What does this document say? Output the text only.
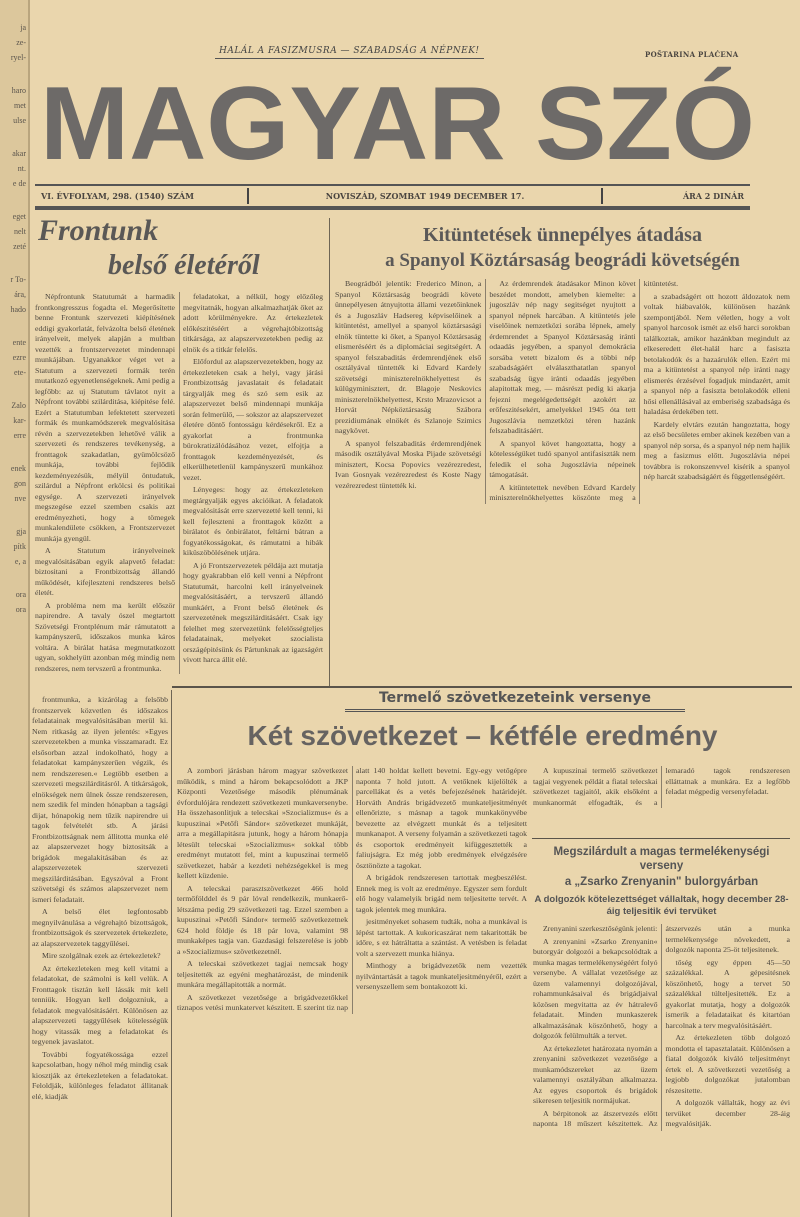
ja
ze-
ryel-
haro
met
ulse
akar
nt.
e de
eget
nelt
zeté
r To-
ára,
hado
ente
ezre
ete-
Zalo
kar-
erre
enek
gon
nve
gja
pítk
e, a
ora
ora
MAGYAR SZÓ
HALÁL A FASIZMUSRA — SZABADSÁG A NÉPNEK!	POŠTARINA PLAĆENA
VI. ÉVFOLYAM, 298. (1540) SZÁM	NOVISZÁD, SZOMBAT 1949 DECEMBER 17.	ÁRA 2 DINÁR
Frontunk
belső életéről

Népfrontunk Statutumát a harmadik frontkongresszus fogadta el. Megerősítette benne Frontunk szervezeti kiépítésének eddigi gyakorlatát, felvázolta belső életének irányelveit, melyek alapján a multban vezették a frontszervezetet mindennapi munkájában. Ugyanakkor véget vet a Statutum a szervezeti formák terén mutatkozó egyenetlenségeknek. Ami pedig a legfőbb: az uj Statutum távlatot nyit a Népfront további szilárditása, kiépitése felé. Ezért a Statutumban lefektetett szervezeti formák és munkamódszerek megvalósitása révén a szervezetekben lehetővé válik a szervezeti és rendszeres tevékenység, a fronttagok szakadatlan, gyümölcsöző munkája, további fejlődik kezdeményezésük, mélyül öntudatuk, szilárdul a Népfront erkölcsi és politikai egysége. A szervezeti irányelvek megszegése ezzel szemben csakis azt eredményezheti, hogy a tömegek munkalendülete csökken, a Frontszervezet munkája gyengül.

A Statutum irányelveinek megvalósitásában egyik alapvető feladat: biztositani a Frontbizottság állandó működését, kifejleszteni rendszeres belső életét.

A probléma nem ma került először napirendre. A tavaly ószel megtartott Szövetségi Frontplénum már rámutatott a kampányszerű, időszakos munka káros voltára. A birálat hatása megmutatkozott ugyan, sokhelyütt azonban még mindig nem rendszeres, nem tervszerű a frontmunka.

feladatokat, a nélkül, hogy előzőleg megvitatnák, hogyan alkalmazhatják őket az adott körülményekre. Az értekezletek előkészitéséért a végrehajtóbizottság titkársága, az alapszervezetekben pedig az elnök és a titkár felelős.

Előfordul az alapszervezetekben, hogy az értekezleteken csak a helyi, vagy járási Frontbizottság javaslatait és feladatait tárgyalják meg és szó sem esik az alapszervezet belső mindennapi munkája során felmerülő, — sokszor az alapszervezet életére döntő fontosságu kérdésekről. Ez a gyakorlat a frontmunka bürokratizálódásához vezet, elfojtja a fronttagok kezdeményezését, és elkerülhetetlenül kampányszerű munkához vezet.

Lényeges: hogy az értekezleteken megtárgyalják egyes akcióikat. A feladatok megvalósitását erre szervezetté kell tenni, ki kell fejleszteni a fronttagok között a birálatot és önbirálatot, feltárni bátran a fogyatékosságokat, és rámutatni a hibák kiküszöbölésének utjára.

A jó Frontszervezetek példája azt mutatja hogy gyakrabban elő kell venni a Népfront Statutumát, harcolni kell irányelveinek megvalósitásáért, a tervszerű állandó munkáért, a Front belső életének és szervezetének megszilárditásáért. Csak igy felelhet meg szervezetünk felelősségteljes feladatainak, melyeket szocialista országépitésünk és Pártunknak az igazságért vivott harca állit elé.

frontmunka, a kizárólag a felsőbb frontszervek közvetlen és időszakos feladatainak megvalósitásában merül ki. Nem ritkaság az ilyen jelentés: »Egyes szervezetekben a munka visszamaradt. Ez elsősorban azzal indokolható, hogy a feladatokat kampányszerűen végzik, és nem rendszeresen.« Legtöbb esetben a szervezeti megszilárditásról. A titkárságok, elnökségek nem ülnek össze rendszeresen, nem szedik fel minden hónapban a tagsági dijat, hónapokig nem tűzik napirendre ui tagok felvételét stb. A járási Frontbizottságnak nem állitotta munka elé az alapszervezet hogy biztositsák a brigádok megalakitásában és az alapszervezetek szervezeti megszilárditásában. Egyszóval a Front szövetségi és számos alapszervezet nem ismeri feladatait.

A belső élet legfontosabb megnyilvánulása a végrehajtó bizottságok, frontbizottságok és szervezetek értekezlete, az alapszervezetek taggyűlései.

Mire szolgálnak ezek az értekezletek?

Az értekezleteken meg kell vitatni a feladatokat, de számolni is kell velük. A Fronttagok tisztán kell lássák mit kell tenniük. Hogyan kell dolgozniuk, a feladatok megvalósitásáért. Különösen az alapszervezeti taggyűlések kötelességük hogy vitassák meg a feladatokat és tegyenek javaslatot.

További fogyatékossága ezzel kapcsolatban, hogy néhol még mindig csak kiosztják az értekezleteken a feladatokat. Feloldják, különleges feladatot állitanak elé, kiadják

Kitüntetések ünnepélyes átadása
a Spanyol Köztársaság beográdi követségén

Beográdból jelentik: Frederico Minon, a Spanyol Köztársaság beográdi követe ünnepélyesen átnyujtotta állami vezetőinknek és a Jugoszláv Hadsereg képviselőinek a kitüntetést, amellyel a spanyol köztársasági elnök tüntette ki őket, a Spanyol Köztársaság elismeréséért és a diplomáciai segitségért. A spanyol felszabaditás érdemrendjének első osztályával tüntették ki Edvard Kardely szövetségi miniszterelnökhelyettest és külügyminisztert, dr. Blagoje Neskovics miniszterelnökhelyettest, Krsto Mrazovicsot a Horvát Népköztársaság Szábora prezidiumának elnökét és Szlanoje Szimics nagykövet.

A spanyol felszabaditás érdemrendjének második osztályával Moska Pijade szövetségi minisztert, Kocsa Popovics vezérezredest, Ivan Gosnyak vezérezredest és Koste Nagy vezérezredest tüntették ki.

Az érdemrendek átadásakor Minon követ beszédet mondott, amelyben kiemelte: a jugoszláv nép nagy segitséget nyujtott a spanyol népnek harcában. A kitüntetés jele viselőinek nemzetközi sorába lépnek, amely érdemrendet a Spanyol Köztársaság iránti odaadás jegyében, a spanyol demokrácia sorsába vetett bizalom és a többi nép szabadságáért elválaszthatatlan spanyol szabadság ügye iránti odaadás jegyében alapitottak meg, — másrészt pedig ki akarja fejezni megelégedettségét azokért az erőfeszitésekért, amelyekkel 1945 óta tett Jugoszlávia nemzetközi téren hazánk felszabaditásáért.

A spanyol követ hangoztatta, hogy a kötelességüket tudó spanyol antifasiszták nem feledik el soha Jugoszlávia népeinek támogatását.

A kitüntetettek nevében Edvard Kardely miniszterelnökhelyettes köszönte meg a kitüntetést.

a szabadságért ott hozott áldozatok nem voltak hiábavalók, különösen hazánk szempontjából. Nem véletlen, hogy a volt spanyol harcosok ismét az első harci sorokban találkoztak, amikor hazánkban megindult az elkeseredett élet-halál harc a fasiszta betolakodók és a hazaárulók ellen. Ezért mi ma a kitüntetést a spanyol nép iránti nagy elismerés érzésével fogadjuk mindazért, amit a spanyol nép a fasiszta betolakodók elleni hősi ellenállásával az emberiség szabadsága és haladása érdekében tett.

Kardely elvtárs ezután hangoztatta, hogy az első becsületes ember akinek kezében van a spanyol nép sorsa, és a spanyol nép nem hajlik meg a fasizmus előtt. Jugoszlávia népei továbbra is rokonszenvvel kisérik a spanyol nép harcát szabadságáért és függetlenségéért.

Termelő szövetkezeteink versenye
Két szövetkezet – kétféle eredmény

A zombori járásban három magyar szövetkezet működik, s mind a három bekapcsolódott a JKP Központi Vezetősége második plénumának évfordulójára rendezett szövetkezeti munkaversenybe. Ha összehasonlitjuk a telecskai »Szocializmus« és a kupuszinai »Petőfi Sándor« szövetkezet munkáját, arra a megállapitásra jutunk, hogy a három hónapja létesült telecskai »Szocializmus« sokkal több eredményt mutatott fel, mint a kupuszinai termelő szövetkezet, habár a kezdeti nehézségekkel is meg kellett küzdenie.

A telecskai parasztszövetkezet 466 hold termőfölddel és 9 pár lóval rendelkezik, munkaerő-létszáma pedig 29 szövetkezeti tag. Ezzel szemben a kupuszinai »Petőfi Sándor« termelő szövetkezetnek 624 hold földje és 18 pár lova, valamint 98 munkaképes tagja van. Gazdasági felszerelése is jobb a »Szocializmus« szövetkezetnél.

A telecskai szövetkezet tagjai nemcsak hogy teljesitették az egyéni meghatározást, de mindenik munkára megállapitották a normát.

A szövetkezet vezetősége a brigádvezetőkkel tiznapos vetési munkatervet készitett. E szerint tiz nap alatt 140 holdat kellett bevetni. Egy-egy vetőgépre naponta 7 hold jutott. A vetőknek kijelölték a parcellákat és a vetés befejezésének határidejét. Horváth András brigádvezető munkateljesitményét ellenőrizte, s másnap a tagok munkakönyvébe bevezette az elvégzett munkát és a teljesitett munkanapot. A verseny folyamán a szövetkezeti tagok és csoportok eredményeit kifüggesztették a faliujságra. Ez még jobb eredmények elvégzésére ösztönözte a tagokat.

A brigádok rendszeresen tartottak megbeszélést. Ennek meg is volt az eredménye. Egyszer sem fordult elő hogy valamelyik brigád nem teljesitette tervét. A tagok jelentek meg munkára.

jesitményeket sohasem tudták, noha a munkával is lépést tartottak. A kukoricaszárat nem takaritották be időre, s ez hátráltatta a szántást. A vetésben is feladat volt a szervezett munka hiánya.

Minthogy a brigádvezetők nem vezették nyilvántartását a tagok munkateljesitményéről, ezért a versenyszellem sem bontakozott ki.

A kupuszinai termelő szövetkezet tagjai vegyenek példát a fiatal telecskai szövetkezet tagjaitól, akik elsőként a munkanormát elfogadták, és a lemaradó tagok rendszeresen elláttatnak a munkára. Ez a legfőbb feladat mégpedig versenyfeladat.

Megszilárdult a magas termelékenységi verseny
a „Zsarko Zrenyanin" bulorgyárban
A dolgozók kötelezettséget vállaltak, hogy december 28-áig teljesitik évi tervüket

Zrenyanini szerkesztőségünk jelenti:

A zrenyanini »Zsarko Zrenyanin« butorgyár dolgozói a bekapcsolódtak a munka magas termelékenységéért folyó versenybe. A vállalat vezetősége az üzem valamennyi dolgozójával, rohammunkásaival és brigádjaival közösen megvitatta az év hátralevő feladatait. Minden munkaszerek alkalmazásának köszönhető, hogy a dolgozók felülmulták a tervet.

Az értekezletet határozata nyomán a zrenyanini szövetkezet vezetősége a munkamódszereket az üzem valamennyi osztályában alkalmazza. Az egyes csoportok és brigádok sikeresen teljesitik normájukat.

A bérpitonok az átszervezés előtt naponta 18 műszert készitettek. Az átszervezés után a munka termelékenysége növekedett, a dolgozók naponta 25-öt teljesitenek.

tőség egy éppen 45—50 százalékkal. A gépesitésnek köszönhető, hogy a tervet 50 százalékkal túlteljesitették. Ez a gyakorlat mutatja, hogy a dolgozók ismerik a feladataikat és kitartóan harcolnak a terv megvalósitásáért.

Az értekezleten több dolgozó mondotta el tapasztalatait. Különösen a fiatal dolgozók kiváló teljesitményt értek el. A szövetkezeti vezetőség a legjobb dolgozókat jutalomban részesitette.

A dolgozók vállalták, hogy az évi tervüket december 28-áig megvalósitják.
